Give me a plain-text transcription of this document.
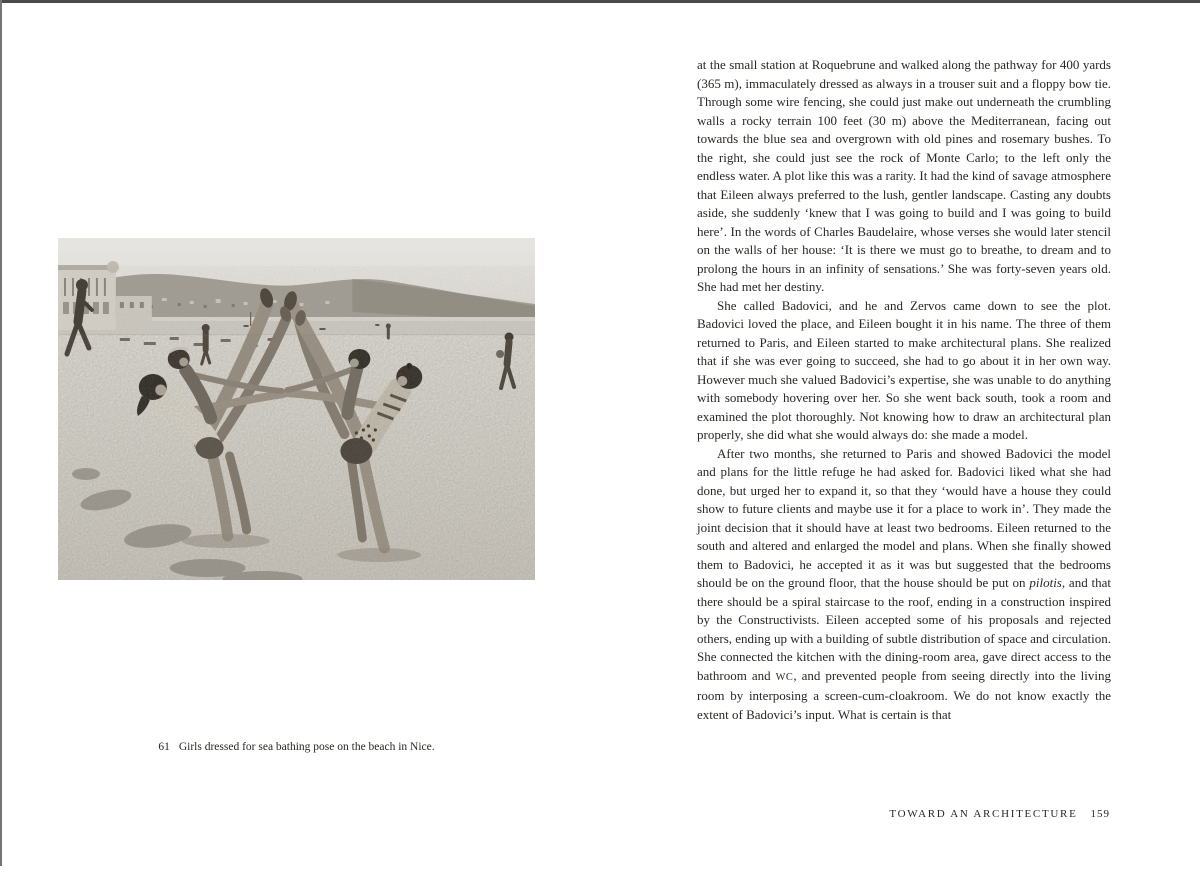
61 Girls dressed for sea bathing pose on the beach in Nice.

at the small station at Roquebrune and walked along the pathway for 400 yards (365 m), immaculately dressed as always in a trouser suit and a floppy bow tie. Through some wire fencing, she could just make out underneath the crumbling walls a rocky terrain 100 feet (30 m) above the Mediterranean, facing out towards the blue sea and overgrown with old pines and rosemary bushes. To the right, she could just see the rock of Monte Carlo; to the left only the endless water. A plot like this was a rarity. It had the kind of savage atmosphere that Eileen always preferred to the lush, gentler landscape. Casting any doubts aside, she suddenly ‘knew that I was going to build and I was going to build here’. In the words of Charles Baudelaire, whose verses she would later stencil on the walls of her house: ‘It is there we must go to breathe, to dream and to prolong the hours in an infinity of sensations.’ She was forty-seven years old. She had met her destiny.

She called Badovici, and he and Zervos came down to see the plot. Badovici loved the place, and Eileen bought it in his name. The three of them returned to Paris, and Eileen started to make architectural plans. She realized that if she was ever going to succeed, she had to go about it in her own way. However much she valued Badovici’s expertise, she was unable to do anything with somebody hovering over her. So she went back south, took a room and examined the plot thoroughly. Not knowing how to draw an architectural plan properly, she did what she would always do: she made a model.

After two months, she returned to Paris and showed Badovici the model and plans for the little refuge he had asked for. Badovici liked what she had done, but urged her to expand it, so that they ‘would have a house they could show to future clients and maybe use it for a place to work in’. They made the joint decision that it should have at least two bedrooms. Eileen returned to the south and altered and enlarged the model and plans. When she finally showed them to Badovici, he accepted it as it was but suggested that the bedrooms should be on the ground floor, that the house should be put on pilotis, and that there should be a spiral staircase to the roof, ending in a construction inspired by the Constructivists. Eileen accepted some of his proposals and rejected others, ending up with a building of subtle distribution of space and circulation. She connected the kitchen with the dining-room area, gave direct access to the bathroom and WC, and prevented people from seeing directly into the living room by interposing a screen-cum-cloakroom. We do not know exactly the extent of Badovici’s input. What is certain is that

TOWARD AN ARCHITECTURE 159
